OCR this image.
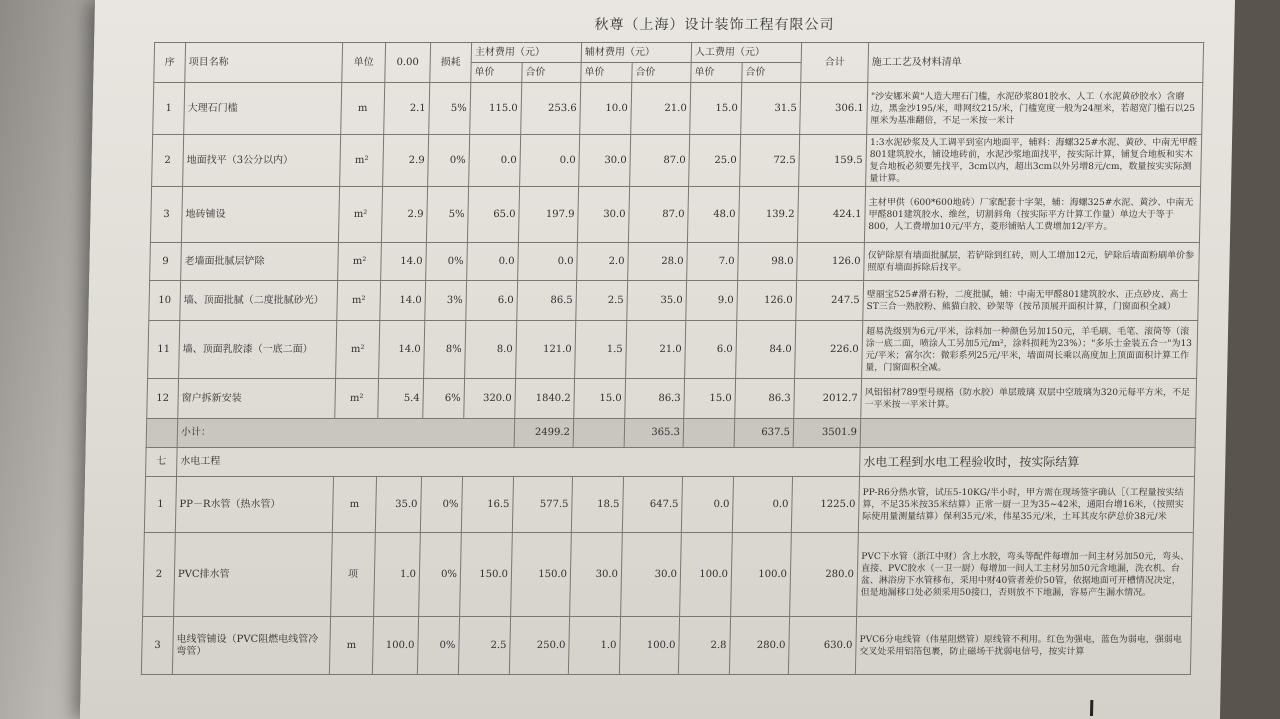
秋尊（上海）设计装饰工程有限公司
序	项目名称	单位	0.00	损耗	主材费用（元）		辅材费用（元）		人工费用（元）		合计	施工工艺及材料清单
					单价	合价	单价	合价	单价	合价		
1	大理石门槛	m	2.1	5%	115.0	253.6	10.0	21.0	15.0	31.5	306.1	"沙安娜米黄"人造大理石门槛，水泥砂浆801胶水、人工（水泥黄砂胶水）含磨边，黑金沙195/米，啡网纹215/米，门槛宽度一般为24厘米，若超宽门槛石以25厘米为基准翻倍，不足一米按一米计
2	地面找平（3公分以内）	m²	2.9	0%	0.0	0.0	30.0	87.0	25.0	72.5	159.5	1:3水泥砂浆及人工调平到室内地面平，辅料：海螺325#水泥、黄砂、中南无甲醛801建筑胶水，铺设地砖前，水泥沙浆地面找平，按实际计算，铺复合地板和实木复合地板必须要先找平，3cm以内，超出3cm以外另增8元/cm，数量按实实际测量计算。
3	地砖铺设	m²	2.9	5%	65.0	197.9	30.0	87.0	48.0	139.2	424.1	主材甲供（600*600地砖）厂家配套十字架，辅：海螺325#水泥、黄沙、中南无甲醛801建筑胶水、维丝，切割斜角（按实际平方计算工作量）单边大于等于800，人工费增加10元/平方，菱形铺贴人工费增加12/平方。
9	老墙面批腻层铲除	m²	14.0	0%	0.0	0.0	2.0	28.0	7.0	98.0	126.0	仅铲除原有墙面批腻层，若铲除到红砖，则人工增加12元，铲除后墙面粉刷单价参照原有墙面拆除后找平。
10	墙、顶面批腻（二度批腻砂光）	m²	14.0	3%	6.0	86.5	2.5	35.0	9.0	126.0	247.5	壁丽宝525#滑石粉，二度批腻，辅：中南无甲醛801建筑胶水、正点砂皮、高士ST三合一熟胶粉、熊猫白胶、砂架等（按吊顶展开面积计算，门窗面积全减）
11	墙、顶面乳胶漆（一底二面）	m²	14.0	8%	8.0	121.0	1.5	21.0	6.0	84.0	226.0	超易洗级别为6元/平米，涂料加一种颜色另加150元，羊毛刷、毛笔、滚筒等（滚涂一底二面，喷涂人工另加5元/m²，涂料损耗为23%）；"多乐士金装五合一"为13元/平米；富尔次：微彩系列25元/平米，墙面周长乘以高度加上顶面面积计算工作量，门窗面积全减。
12	窗户拆新安装	m²	5.4	6%	320.0	1840.2	15.0	86.3	15.0	86.3	2012.7	风铝铝材789型号规格（防水胶）单层玻璃 双层中空玻璃为320元每平方米，不足一平米按一平米计算。
	小计：					2499.2		365.3		637.5	3501.9	
七	水电工程											水电工程到水电工程验收时，按实际结算
1	PP－R水管（热水管）	m	35.0	0%	16.5	577.5	18.5	647.5	0.0	0.0	1225.0	PP-R6分热水管，试压5-10KG/半小时，甲方需在现场签字确认［（工程量按实结算，不足35米按35米结算）正常一厨一卫为35~42米，通阳台增16米，（按照实际使用量测量结算）保利35元/米，伟星35元/米，土耳其皮尔萨总价38元/米
2	PVC排水管	项	1.0	0%	150.0	150.0	30.0	30.0	100.0	100.0	280.0	PVC下水管（浙江中财）含上水胶，弯头等配件每增加一间主材另加50元，弯头、直接、PVC胶水（一卫一厨）每增加一间人工主材另加50元含地漏，洗衣机、台盆、淋浴房下水管移布，采用中财40管者差价50管，依据地面可开槽情况决定，但是地漏移口处必须采用50接口，否则放不下地漏，容易产生漏水情况。
3	电线管铺设（PVC阻燃电线管冷弯管）	m	100.0	0%	2.5	250.0	1.0	100.0	2.8	280.0	630.0	PVC6分电线管（伟星阻燃管）原线管不利用。红色为强电，蓝色为弱电，强弱电交叉处采用铝箔包裹，防止磁场干扰弱电信号，按实计算
